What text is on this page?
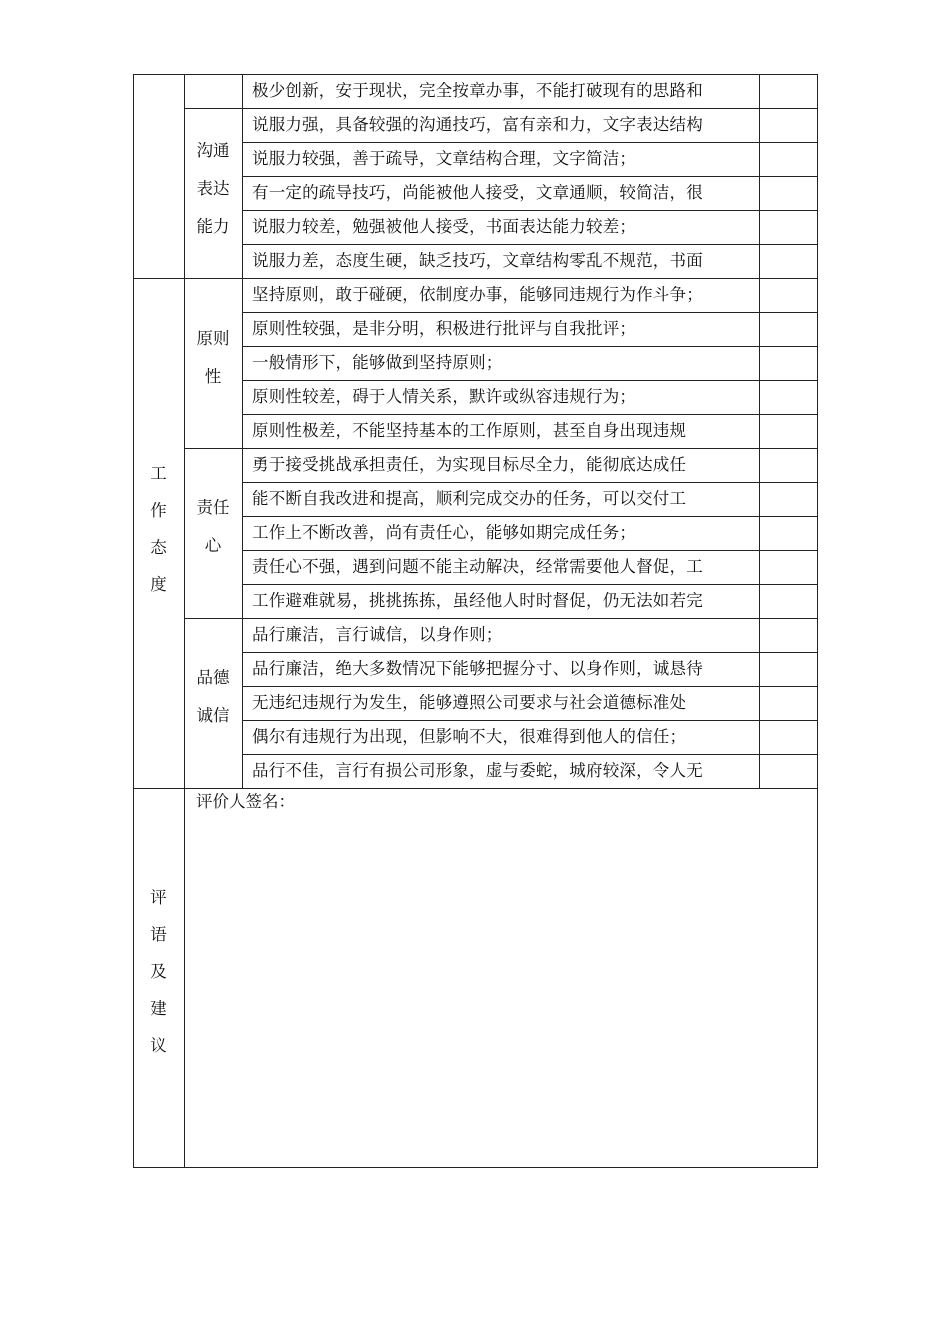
工作态度
评语及建议
沟通表达能力
原则性
责任心
品德诚信
极少创新，安于现状，完全按章办事，不能打破现有的思路和
说服力强，具备较强的沟通技巧，富有亲和力，文字表达结构
说服力较强，善于疏导，文章结构合理，文字简洁；
有一定的疏导技巧，尚能被他人接受，文章通顺，较简洁，很
说服力较差，勉强被他人接受，书面表达能力较差；
说服力差，态度生硬，缺乏技巧，文章结构零乱不规范，书面
坚持原则，敢于碰硬，依制度办事，能够同违规行为作斗争；
原则性较强，是非分明，积极进行批评与自我批评；
一般情形下，能够做到坚持原则；
原则性较差，碍于人情关系，默许或纵容违规行为；
原则性极差，不能坚持基本的工作原则，甚至自身出现违规
勇于接受挑战承担责任，为实现目标尽全力，能彻底达成任
能不断自我改进和提高，顺利完成交办的任务，可以交付工
工作上不断改善，尚有责任心，能够如期完成任务；
责任心不强，遇到问题不能主动解决，经常需要他人督促，工
工作避难就易，挑挑拣拣，虽经他人时时督促，仍无法如若完
品行廉洁，言行诚信，以身作则；
品行廉洁，绝大多数情况下能够把握分寸、以身作则，诚恳待
无违纪违规行为发生，能够遵照公司要求与社会道德标准处
偶尔有违规行为出现，但影响不大，很难得到他人的信任；
品行不佳，言行有损公司形象，虚与委蛇，城府较深，令人无
评价人签名：
